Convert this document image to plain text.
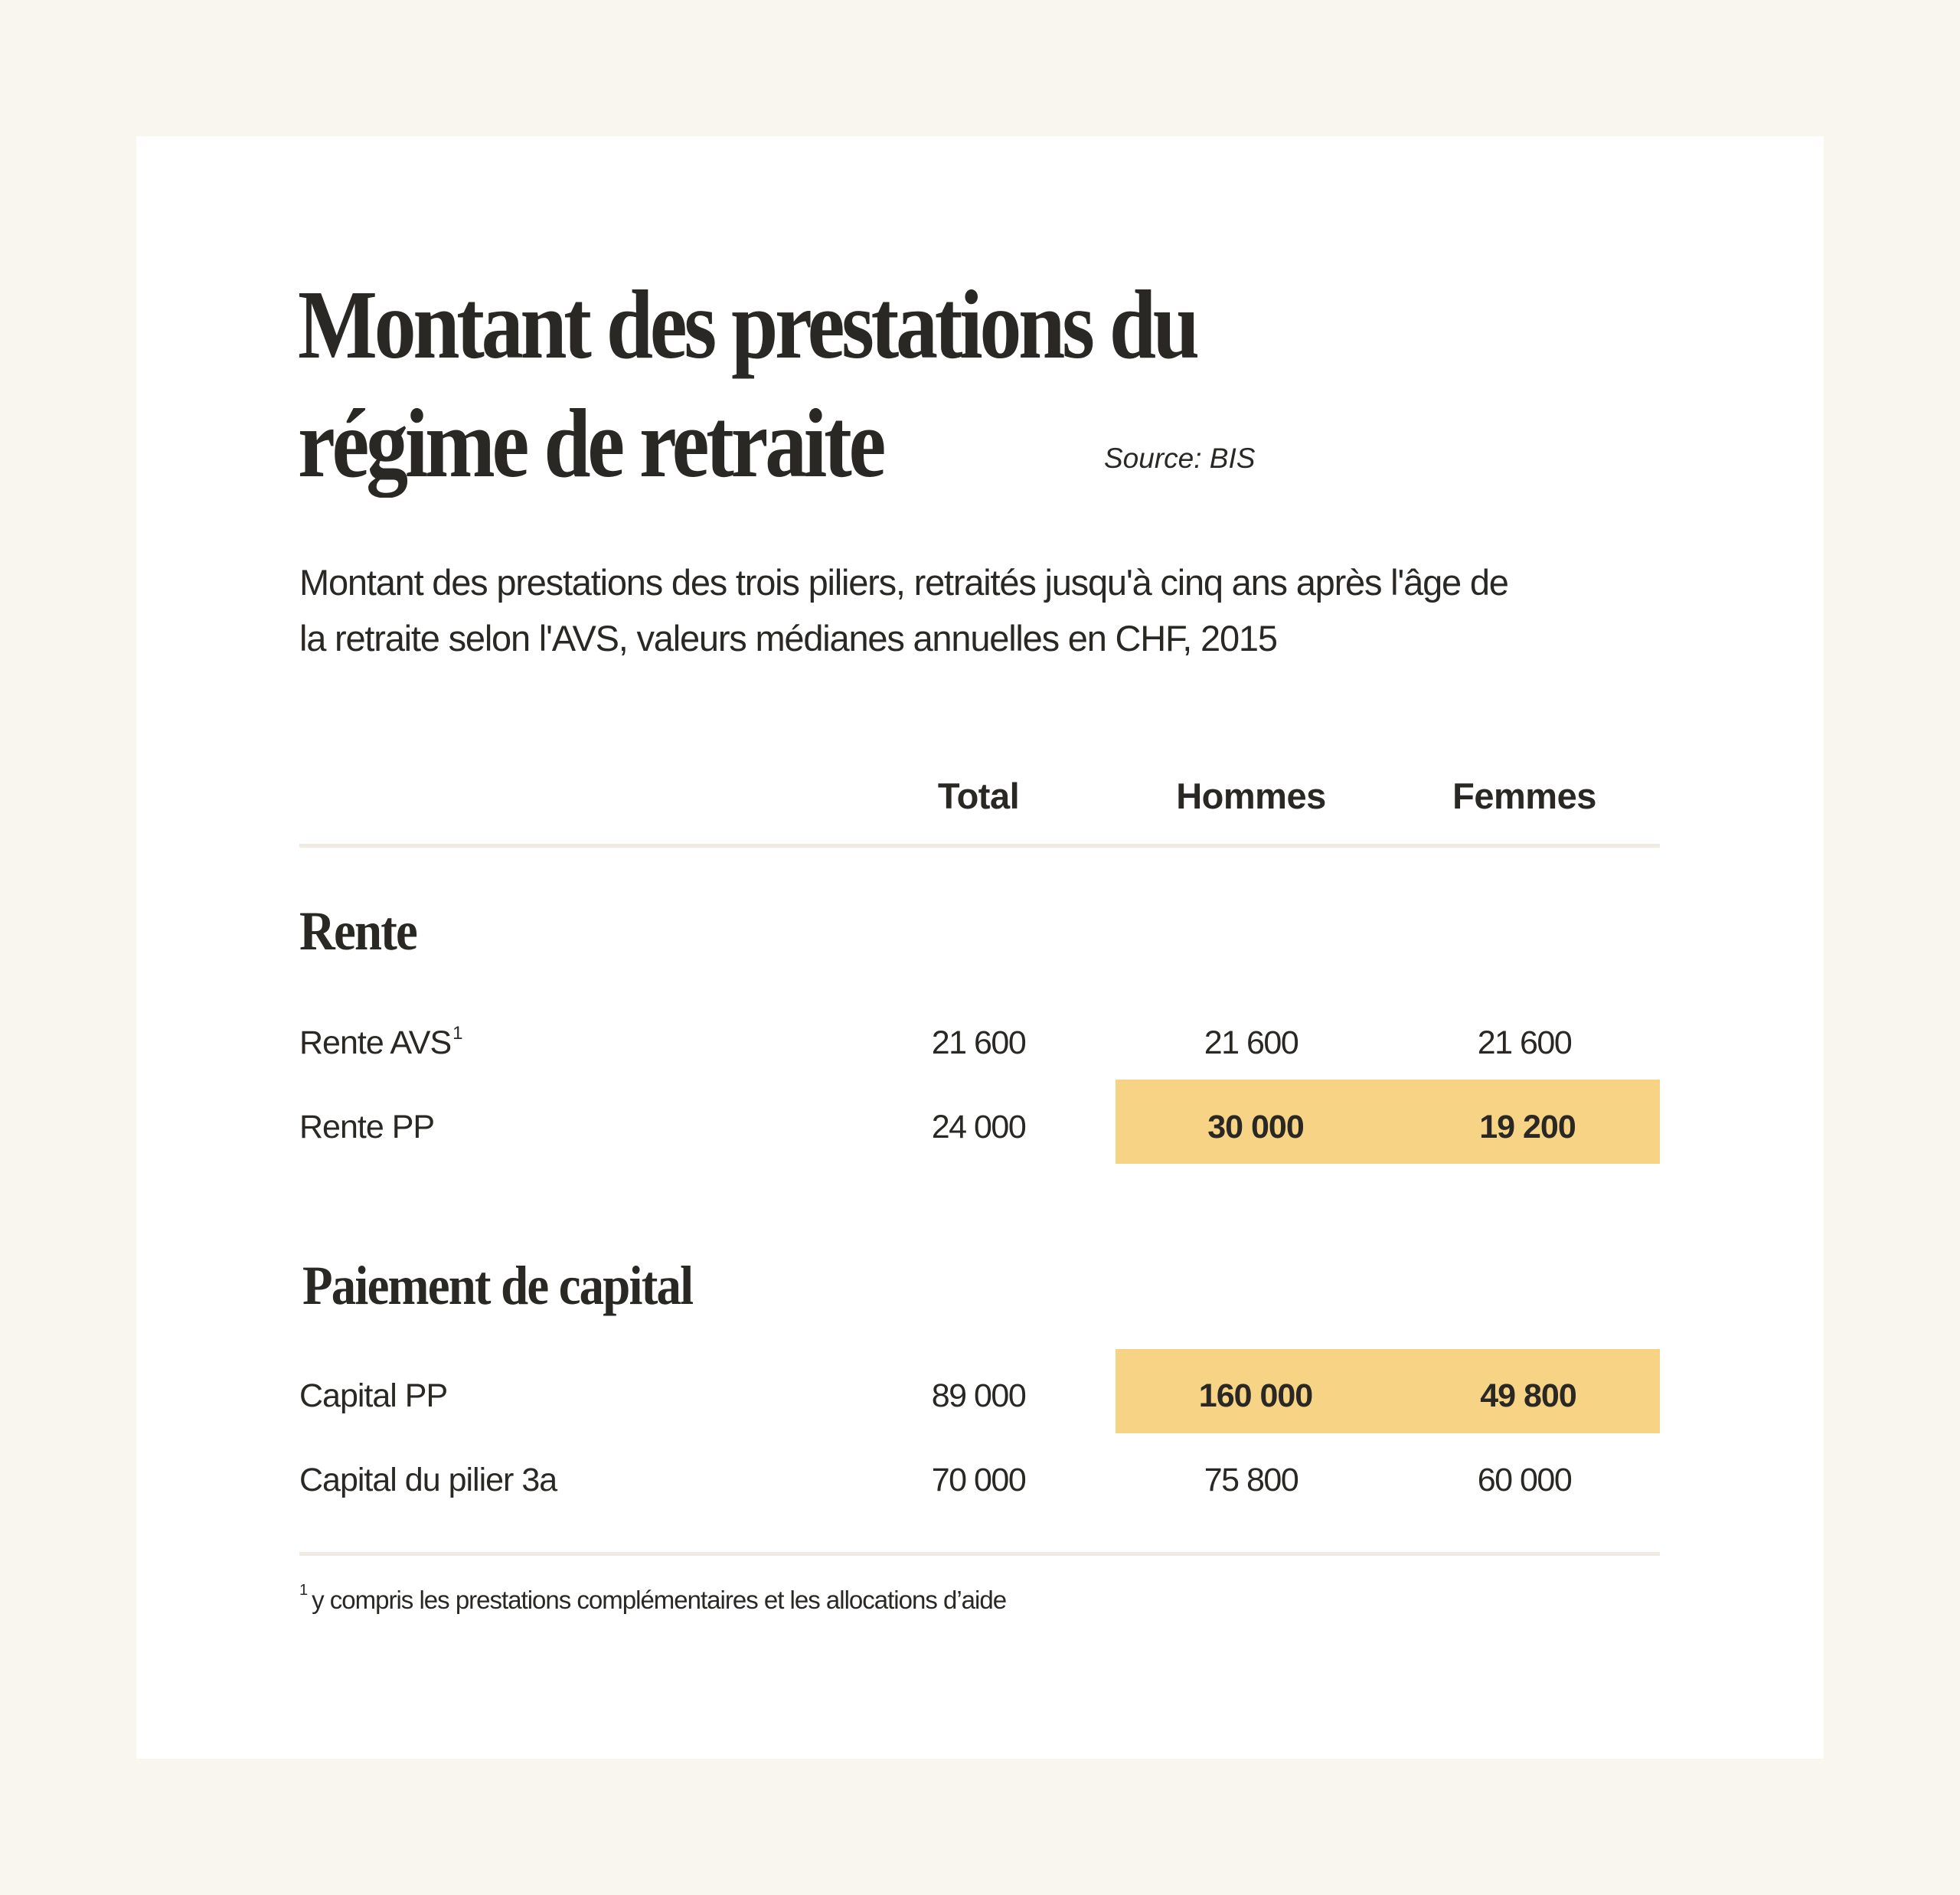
Montant des prestations du
régime de retraite	Source: BIS
Montant des prestations des trois piliers, retraités jusqu'à cinq ans après l'âge de
la retraite selon l'AVS, valeurs médianes annuelles en CHF, 2015
Total	Hommes	Femmes
Rente
Rente AVS$^1$	21 600	21 600	21 600
Rente PP	24 000	30 000	19 200
Paiement de capital
Capital PP	89 000	160 000	49 800
Capital du pilier 3a	70 000	75 800	60 000
$^1$ y compris les prestations complémentaires et les allocations d’aide
